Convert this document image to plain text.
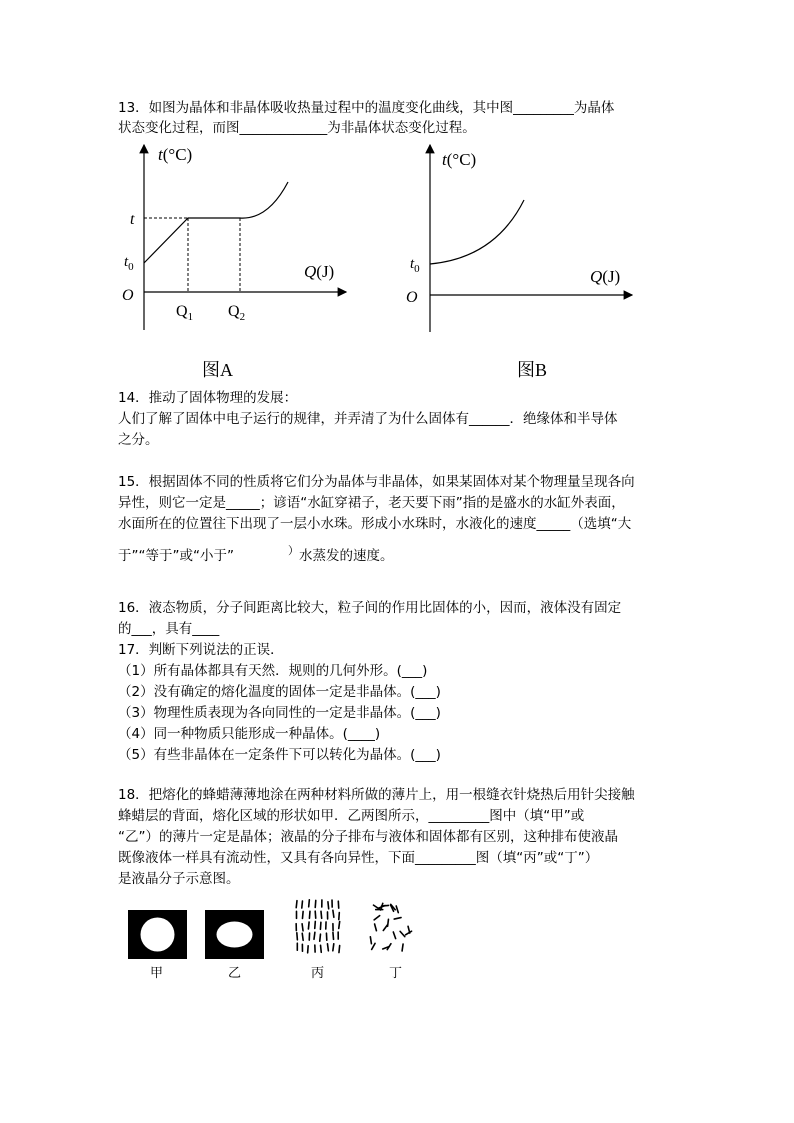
13．如图为晶体和非晶体吸收热量过程中的温度变化曲线，其中图_________为晶体
状态变化过程，而图_____________为非晶体状态变化过程。
t(°C)
t
$t_0$
O
Q(J)
$Q_1$ $Q_2$
图A
t(°C)
$t_0$
O
Q(J)
图B
14．推动了固体物理的发展：
人们了解了固体中电子运行的规律，并弄清了为什么固体有______．绝缘体和半导体
之分。
15．根据固体不同的性质将它们分为晶体与非晶体，如果某固体对某个物理量呈现各向
异性，则它一定是_____；谚语“水缸穿裙子，老天要下雨”指的是盛水的水缸外表面，
水面所在的位置往下出现了一层小水珠。形成小水珠时，水液化的速度_____（选填“大
于”“等于”或“小于”	）水蒸发的速度。
16．液态物质，分子间距离比较大，粒子间的作用比固体的小，因而，液体没有固定
的___，具有____
17．判断下列说法的正误．
（1）所有晶体都具有天然．规则的几何外形。(___)
（2）没有确定的熔化温度的固体一定是非晶体。(___)
（3）物理性质表现为各向同性的一定是非晶体。(___)
（4）同一种物质只能形成一种晶体。(____)
（5）有些非晶体在一定条件下可以转化为晶体。(___)
18．把熔化的蜂蜡薄薄地涂在两种材料所做的薄片上，用一根缝衣针烧热后用针尖接触
蜂蜡层的背面，熔化区域的形状如甲．乙两图所示，_________图中（填“甲”或
“乙”）的薄片一定是晶体；液晶的分子排布与液体和固体都有区别，这种排布使液晶
既像液体一样具有流动性，又具有各向异性，下面_________图（填“丙”或“丁”）
是液晶分子示意图。
甲	乙	丙	丁
